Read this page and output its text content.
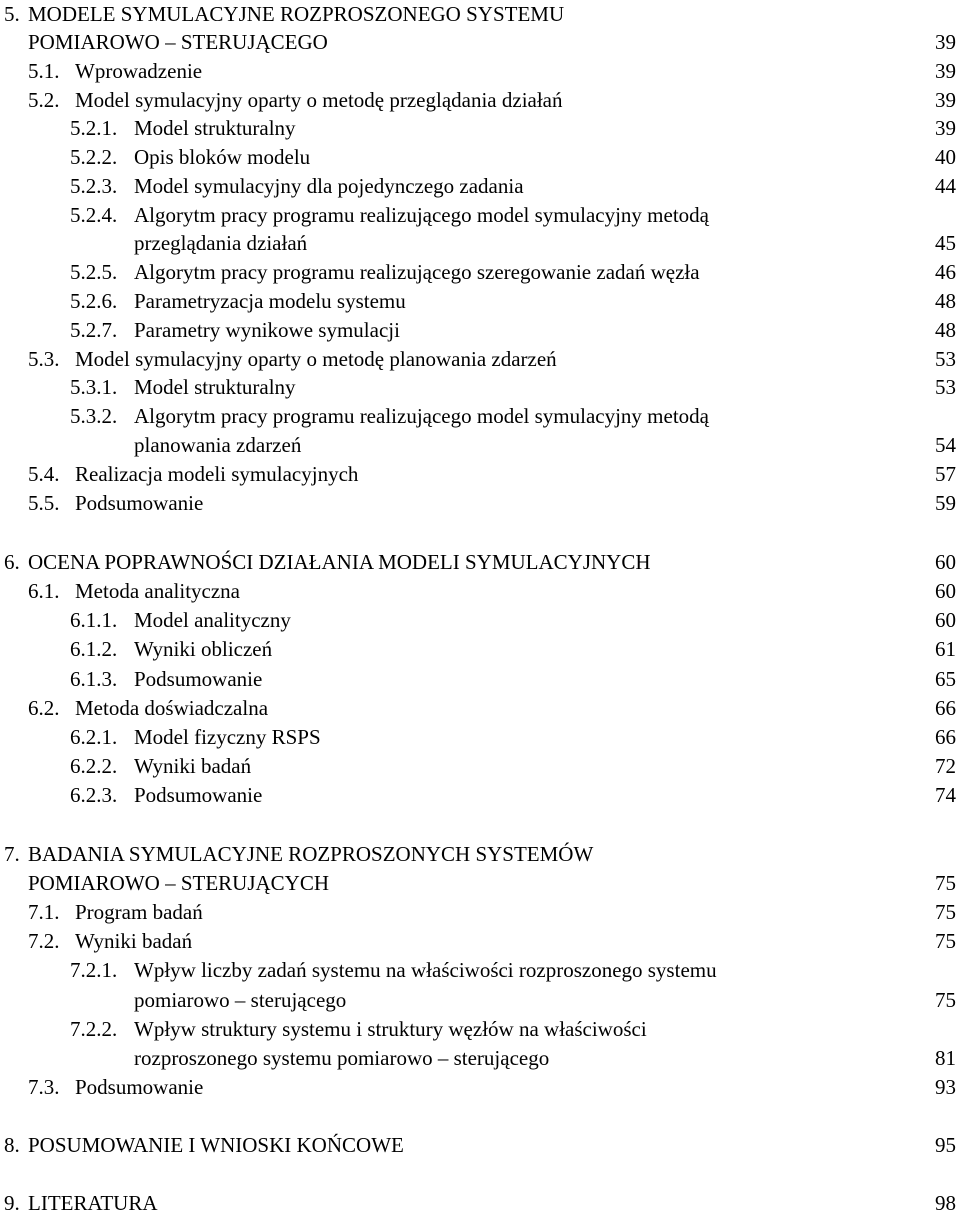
5. MODELE SYMULACYJNE ROZPROSZONEGO SYSTEMU
POMIAROWO – STERUJĄCEGO	39
5.1. Wprowadzenie	39
5.2. Model symulacyjny oparty o metodę przeglądania działań	39
5.2.1. Model strukturalny	39
5.2.2. Opis bloków modelu	40
5.2.3. Model symulacyjny dla pojedynczego zadania	44
5.2.4. Algorytm pracy programu realizującego model symulacyjny metodą
przeglądania działań	45
5.2.5. Algorytm pracy programu realizującego szeregowanie zadań węzła	46
5.2.6. Parametryzacja modelu systemu	48
5.2.7. Parametry wynikowe symulacji	48
5.3. Model symulacyjny oparty o metodę planowania zdarzeń	53
5.3.1. Model strukturalny	53
5.3.2. Algorytm pracy programu realizującego model symulacyjny metodą
planowania zdarzeń	54
5.4. Realizacja modeli symulacyjnych	57
5.5. Podsumowanie	59
6. OCENA POPRAWNOŚCI DZIAŁANIA MODELI SYMULACYJNYCH	60
6.1. Metoda analityczna	60
6.1.1. Model analityczny	60
6.1.2. Wyniki obliczeń	61
6.1.3. Podsumowanie	65
6.2. Metoda doświadczalna	66
6.2.1. Model fizyczny RSPS	66
6.2.2. Wyniki badań	72
6.2.3. Podsumowanie	74
7. BADANIA SYMULACYJNE ROZPROSZONYCH SYSTEMÓW
POMIAROWO – STERUJĄCYCH	75
7.1. Program badań	75
7.2. Wyniki badań	75
7.2.1. Wpływ liczby zadań systemu na właściwości rozproszonego systemu
pomiarowo – sterującego	75
7.2.2. Wpływ struktury systemu i struktury węzłów na właściwości
rozproszonego systemu pomiarowo – sterującego	81
7.3. Podsumowanie	93
8. POSUMOWANIE I WNIOSKI KOŃCOWE	95
9. LITERATURA	98
